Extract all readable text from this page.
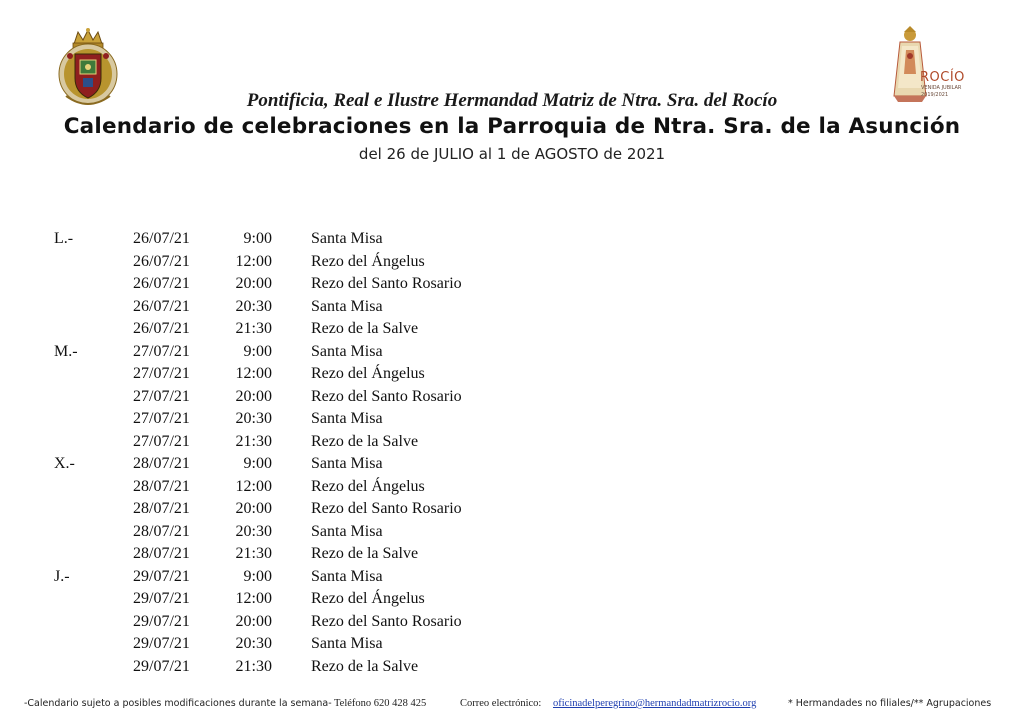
ROCÍO
VENIDA JUBILAR
2019/2021
Pontificia, Real e Ilustre Hermandad Matriz de Ntra. Sra. del Rocío
Calendario de celebraciones en la Parroquia de Ntra. Sra. de la Asunción
del 26 de JULIO al 1 de AGOSTO de 2021
L.-	26/07/21	9:00 Santa Misa
26/07/21	12:00 Rezo del Ángelus
26/07/21	20:00 Rezo del Santo Rosario
26/07/21	20:30 Santa Misa
26/07/21	21:30 Rezo de la Salve
M.-	27/07/21	9:00 Santa Misa
27/07/21	12:00 Rezo del Ángelus
27/07/21	20:00 Rezo del Santo Rosario
27/07/21	20:30 Santa Misa
27/07/21	21:30 Rezo de la Salve
X.-	28/07/21	9:00 Santa Misa
28/07/21	12:00 Rezo del Ángelus
28/07/21	20:00 Rezo del Santo Rosario
28/07/21	20:30 Santa Misa
28/07/21	21:30 Rezo de la Salve
J.-	29/07/21	9:00 Santa Misa
29/07/21	12:00 Rezo del Ángelus
29/07/21	20:00 Rezo del Santo Rosario
29/07/21	20:30 Santa Misa
29/07/21	21:30 Rezo de la Salve
-Calendario sujeto a posibles modificaciones durante la semana- Teléfono 620 428 425	Correo electrónico: oficinadelperegrino@hermandadmatrizrocio.org	* Hermandades no filiales/** Agrupaciones
